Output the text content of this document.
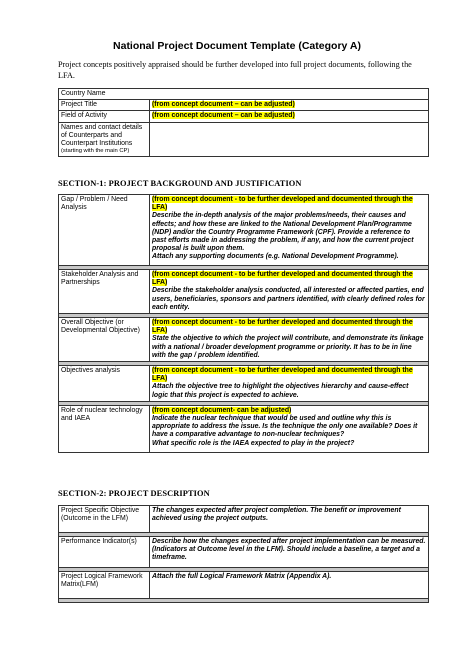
National Project Document Template (Category A)
Project concepts positively appraised should be further developed into full project documents, following the LFA.
Country Name	
Project Title	(from concept document – can be adjusted)
Field of Activity	(from concept document – can be adjusted)

Names and contact details of Counterparts and Counterpart Institutions
(starting with the main CP)	

SECTION-1: PROJECT BACKGROUND AND JUSTIFICATION
Gap / Problem / Need Analysis	(from concept document - to be further developed and documented through the LFA)
Describe the in-depth analysis of the major problems/needs, their causes and effects; and how these are linked to the National Development Plan/Programme (NDP) and/or the Country Programme Framework (CPF). Provide a reference to past efforts made in addressing the problem, if any, and how the current project proposal is built upon them.
Attach any supporting documents (e.g. National Development Programme).

Stakeholder Analysis and Partnerships	(from concept document - to be further developed and documented through the LFA)
Describe the stakeholder analysis conducted, all interested or affected parties, end users, beneficiaries, sponsors and partners identified, with clearly defined roles for each entity.

Overall Objective (or Developmental Objective)	(from concept document - to be further developed and documented through the LFA)
State the objective to which the project will contribute, and demonstrate its linkage with a national / broader development programme or priority. It has to be in line with the gap / problem identified.

Objectives analysis	(from concept document - to be further developed and documented through the LFA)
Attach the objective tree to highlight the objectives hierarchy and cause-effect logic that this project is expected to achieve.

Role of nuclear technology and IAEA	(from concept document- can be adjusted)
Indicate the nuclear technique that would be used and outline why this is appropriate to address the issue. Is the technique the only one available? Does it have a comparative advantage to non-nuclear techniques?
What specific role is the IAEA expected to play in the project?
SECTION-2: PROJECT DESCRIPTION
Project Specific Objective (Outcome in the LFM)	The changes expected after project completion. The benefit or improvement achieved using the project outputs.

Performance Indicator(s)	Describe how the changes expected after project implementation can be measured. (Indicators at Outcome level in the LFM). Should include a baseline, a target and a timeframe.

Project Logical Framework Matrix(LFM)	Attach the full Logical Framework Matrix (Appendix A).
